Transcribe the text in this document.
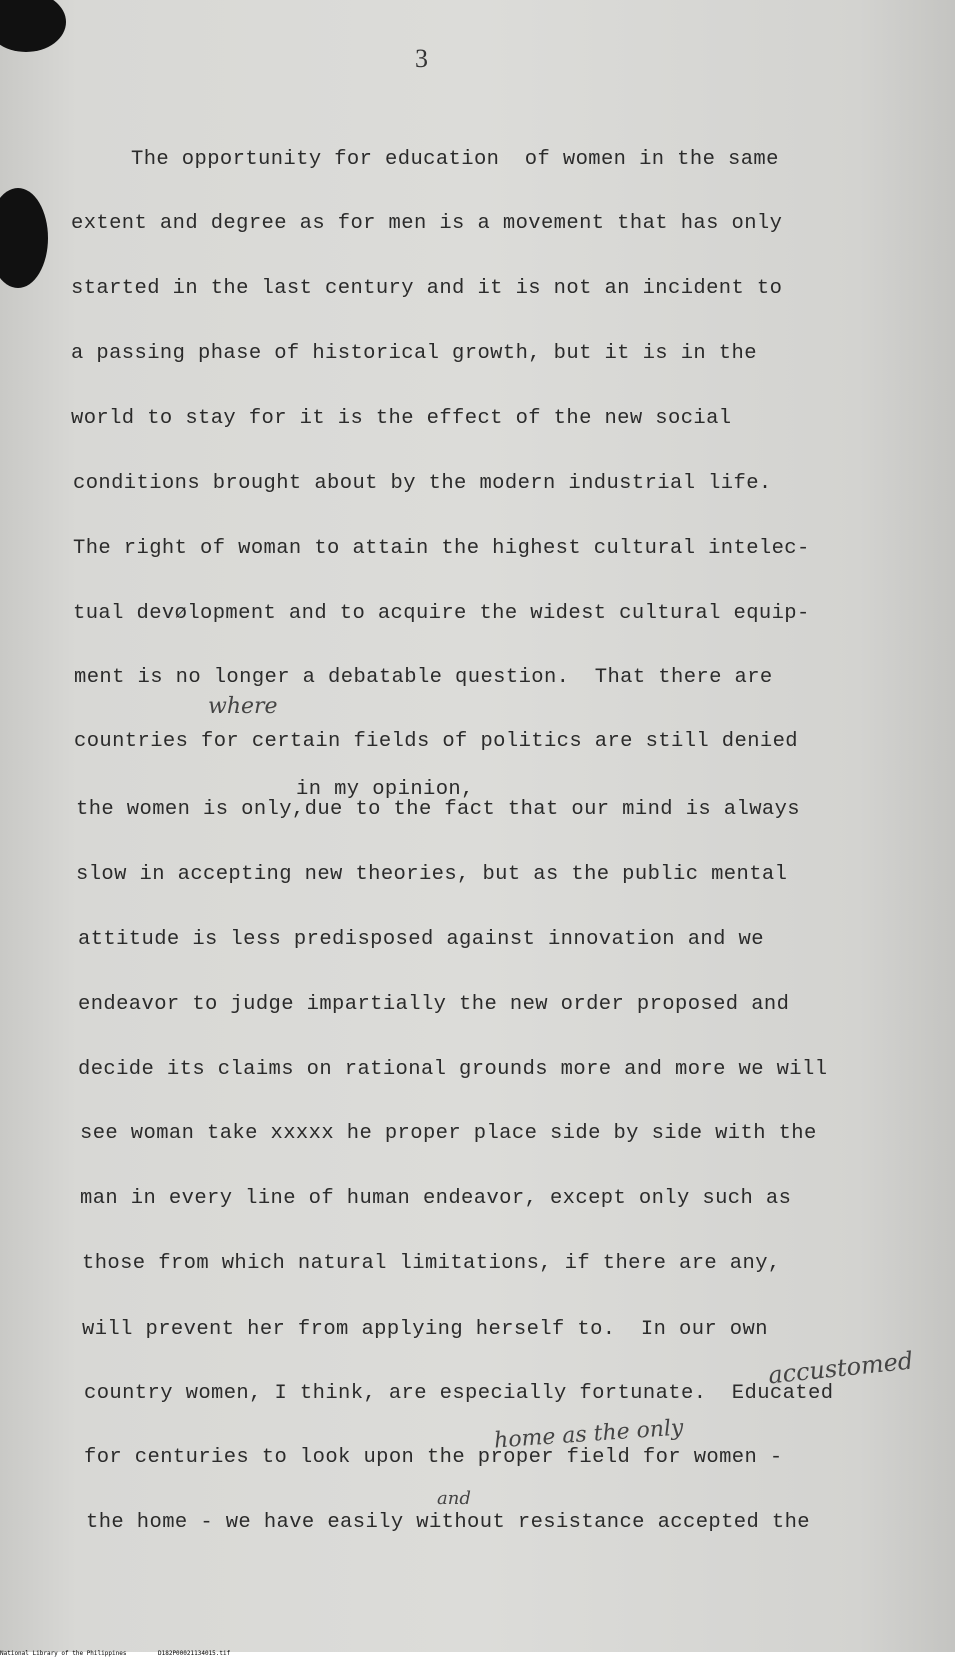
3
The opportunity for education  of women in the same
extent and degree as for men is a movement that has only
started in the last century and it is not an incident to
a passing phase of historical growth, but it is in the
world to stay for it is the effect of the new social
conditions brought about by the modern industrial life.
The right of woman to attain the highest cultural intelec-
tual devølopment and to acquire the widest cultural equip-
ment is no longer a debatable question.  That there are
where
countries for certain fields of politics are still denied
in my opinion,
the women is only,due to the fact that our mind is always
slow in accepting new theories, but as the public mental
attitude is less predisposed against innovation and we
endeavor to judge impartially the new order proposed and
decide its claims on rational grounds more and more we will
see woman take xxxxx he proper place side by side with the
man in every line of human endeavor, except only such as
those from which natural limitations, if there are any,
will prevent her from applying herself to.  In our own
accustomed
country women, I think, are especially fortunate.  Educated
home as the only
for centuries to look upon the proper field for women -
and
the home - we have easily without resistance accepted the
National Library of the Philippines	D182P00021134015.tif
